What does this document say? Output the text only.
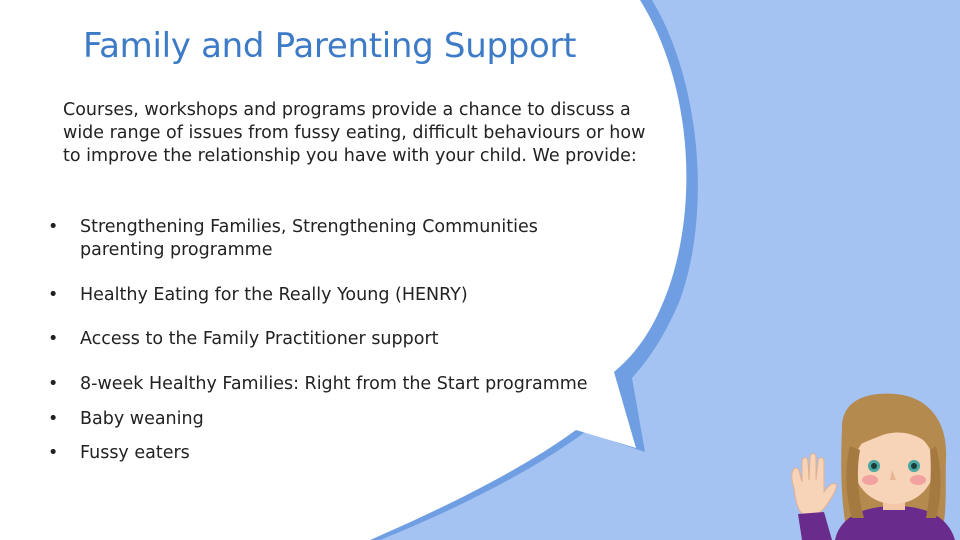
Family and Parenting Support

Courses, workshops and programs provide a chance to discuss a wide range of issues from fussy eating, difficult behaviours or how to improve the relationship you have with your child. We provide:

• Strengthening Families, Strengthening Communities
parenting programme
• Healthy Eating for the Really Young (HENRY)
• Access to the Family Practitioner support
• 8-week Healthy Families: Right from the Start programme
• Baby weaning
• Fussy eaters
